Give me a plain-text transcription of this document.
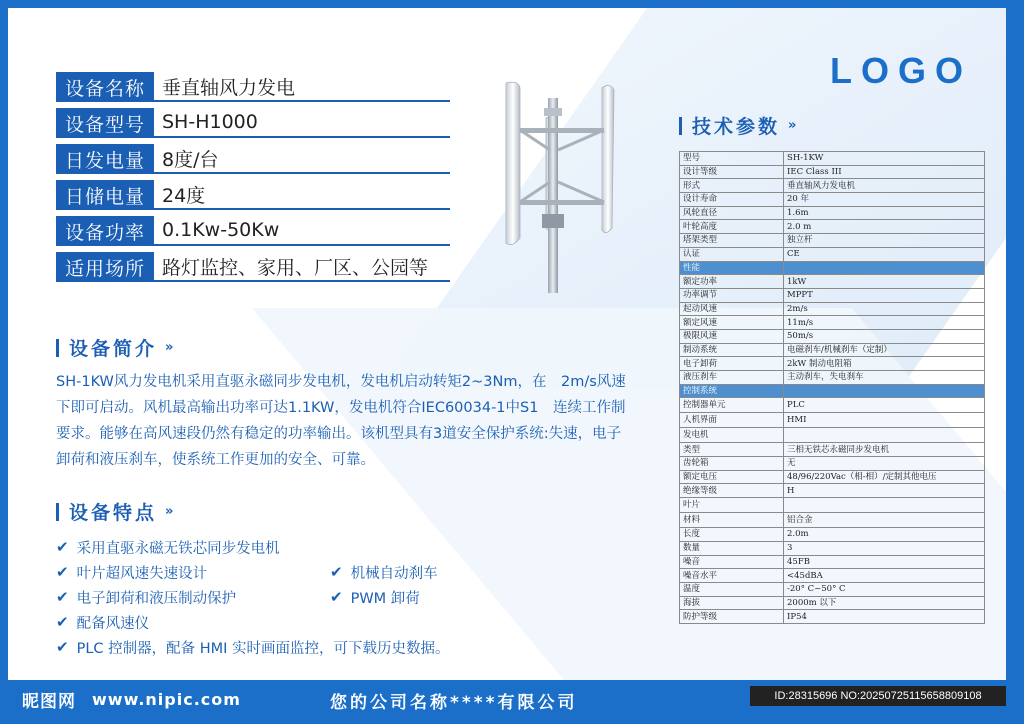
LOGO
设备名称 垂直轴风力发电
设备型号 SH-H1000
日发电量 8度/台
日储电量 24度
设备功率 0.1Kw-50Kw
适用场所 路灯监控、家用、厂区、公园等
设备简介 »
SH-1KW风力发电机采用直驱永磁同步发电机，发电机启动转矩2~3Nm，在　2m/s风速下即可启动。风机最高输出功率可达1.1KW，发电机符合IEC60034-1中S1　连续工作制要求。能够在高风速段仍然有稳定的功率输出。该机型具有3道安全保护系统:失速，电子卸荷和液压刹车，使系统工作更加的安全、可靠。
设备特点 »
✔ 采用直驱永磁无铁芯同步发电机
✔ 叶片超风速失速设计	✔ 机械自动刹车
✔ 电子卸荷和液压制动保护	✔ PWM 卸荷
✔ 配备风速仪
✔ PLC 控制器，配备 HMI 实时画面监控，可下载历史数据。
技术参数 »
型号	SH-1KW
设计等级	IEC Class III
形式	垂直轴风力发电机
设计寿命	20 年
风轮直径	1.6m
叶轮高度	2.0 m
塔架类型	独立杆
认证	CE
性能	
额定功率	1kW
功率调节	MPPT
起动风速	2m/s
额定风速	11m/s
极限风速	50m/s
制动系统	电磁刹车/机械刹车（定制）
电子卸荷	2kW 制动电阻箱
液压刹车	主动刹车，失电刹车
控制系统	
控制器单元	PLC
人机界面	HMI
发电机	
类型	三相无铁芯永磁同步发电机
齿轮箱	无
额定电压	48/96/220Vac（相-相）/定制其他电压
绝缘等级	H
叶片	
材料	铝合金
长度	2.0m
数量	3
噪音	45FB
噪音水平	<45dBA
温度	-20° C~50° C
海拔	2000m 以下
防护等级	IP54
昵图网 www.nipic.com	您的公司名称****有限公司	ID:28315696 NO:20250725115658809108
